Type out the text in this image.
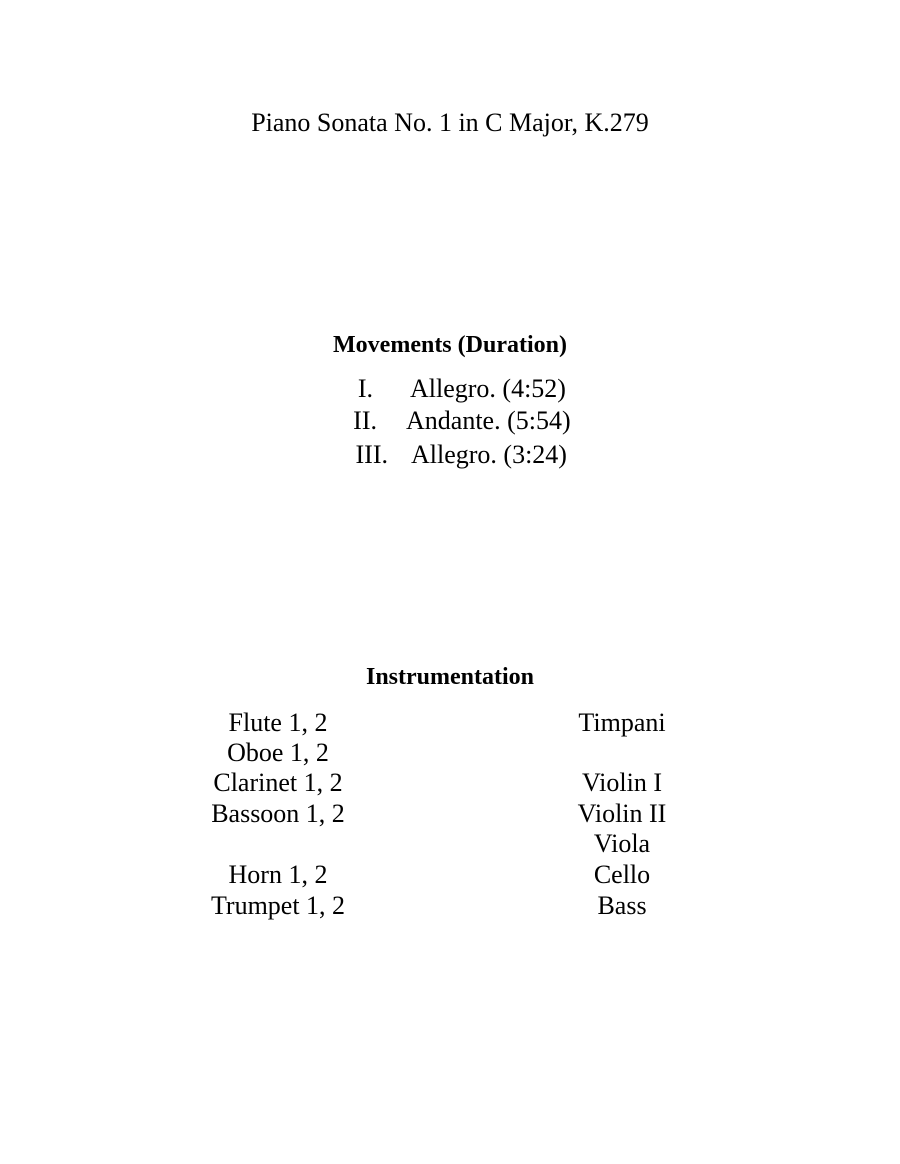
Piano Sonata No. 1 in C Major, K.279
Movements (Duration)
I. Allegro. (4:52)
II. Andante. (5:54)
III. Allegro. (3:24)
Instrumentation
Flute 1, 2
Oboe 1, 2
Clarinet 1, 2
Bassoon 1, 2
Horn 1, 2
Trumpet 1, 2
Timpani
Violin I
Violin II
Viola
Cello
Bass
